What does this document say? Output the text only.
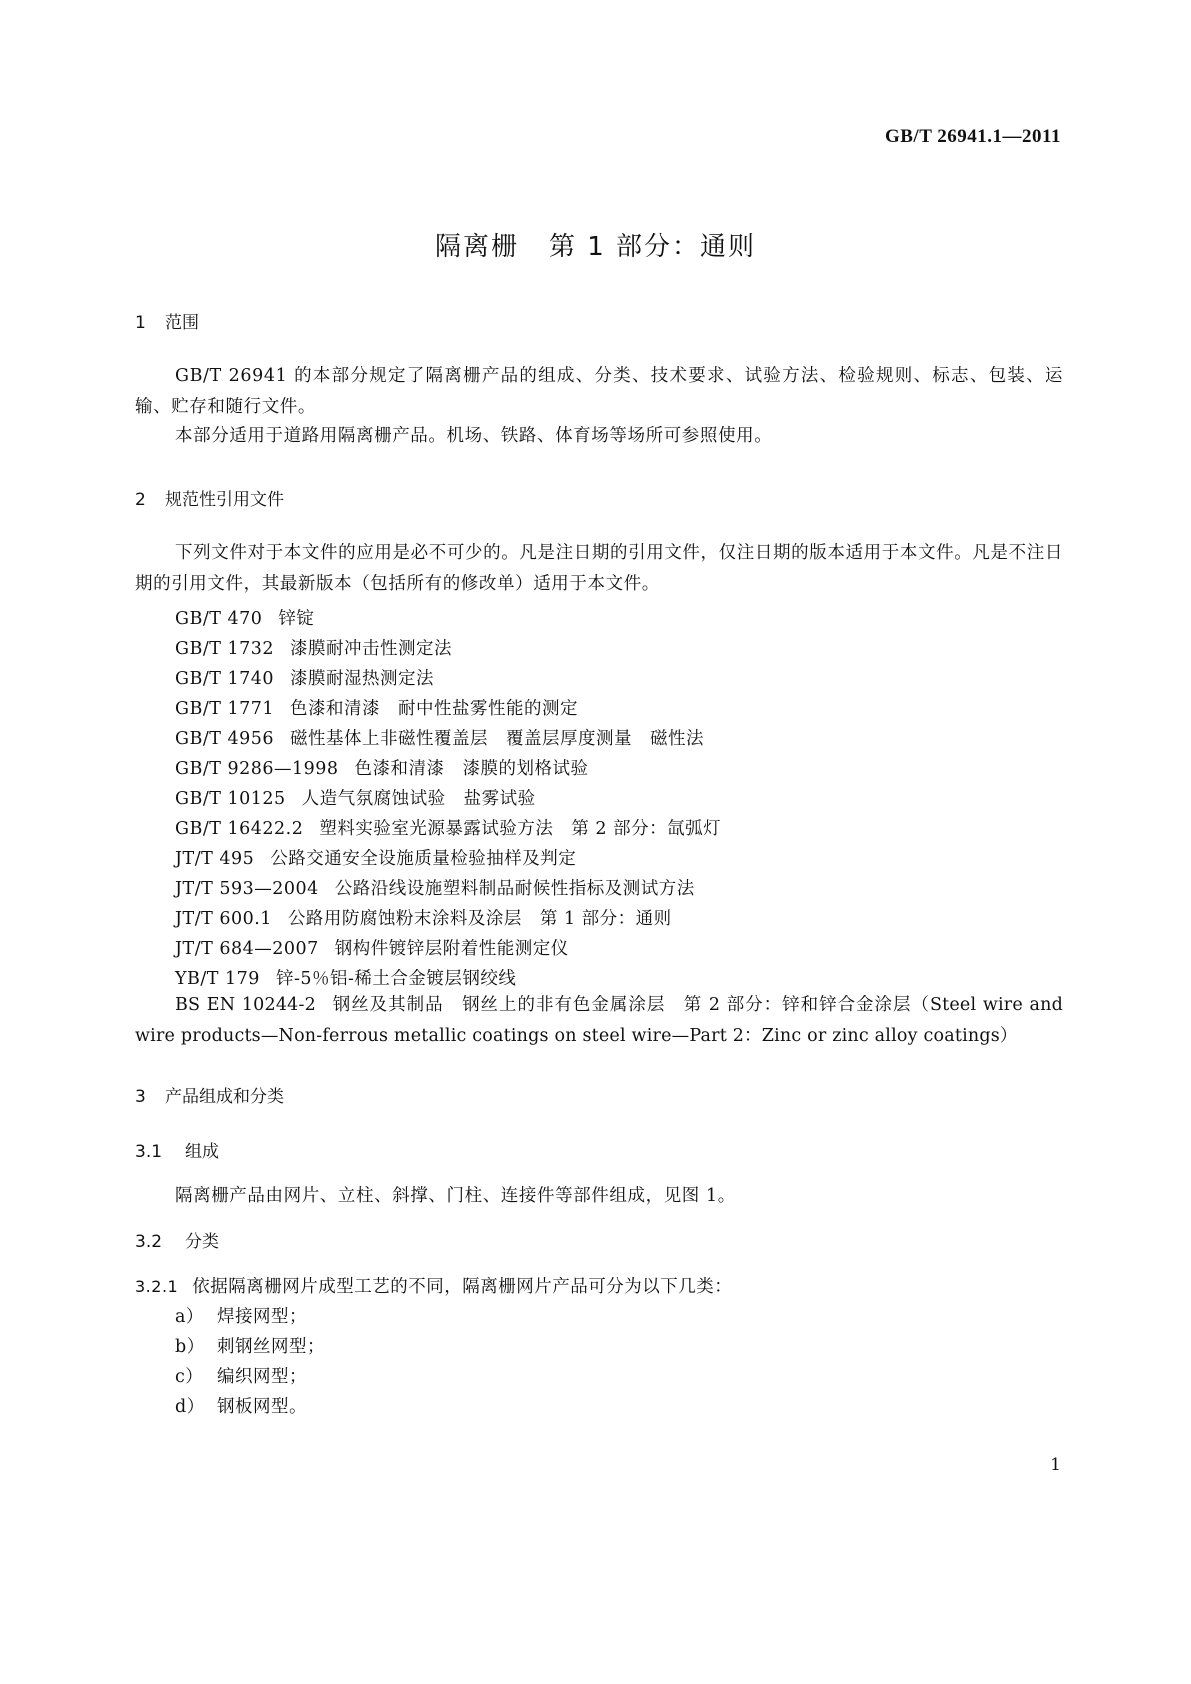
GB/T 26941.1—2011
隔离栅 第 1 部分：通则
1 范围
GB/T 26941 的本部分规定了隔离栅产品的组成、分类、技术要求、试验方法、检验规则、标志、包装、运输、贮存和随行文件。
本部分适用于道路用隔离栅产品。机场、铁路、体育场等场所可参照使用。
2 规范性引用文件
下列文件对于本文件的应用是必不可少的。凡是注日期的引用文件，仅注日期的版本适用于本文件。凡是不注日期的引用文件，其最新版本（包括所有的修改单）适用于本文件。
GB/T 470 锌锭
GB/T 1732 漆膜耐冲击性测定法
GB/T 1740 漆膜耐湿热测定法
GB/T 1771 色漆和清漆　耐中性盐雾性能的测定
GB/T 4956 磁性基体上非磁性覆盖层　覆盖层厚度测量　磁性法
GB/T 9286—1998 色漆和清漆　漆膜的划格试验
GB/T 10125 人造气氛腐蚀试验　盐雾试验
GB/T 16422.2 塑料实验室光源暴露试验方法　第 2 部分：氙弧灯
JT/T 495 公路交通安全设施质量检验抽样及判定
JT/T 593—2004 公路沿线设施塑料制品耐候性指标及测试方法
JT/T 600.1 公路用防腐蚀粉末涂料及涂层　第 1 部分：通则
JT/T 684—2007 钢构件镀锌层附着性能测定仪
YB/T 179 锌-5％铝-稀土合金镀层钢绞线
BS EN 10244-2 钢丝及其制品　钢丝上的非有色金属涂层　第 2 部分：锌和锌合金涂层（Steel wire and wire products—Non-ferrous metallic coatings on steel wire—Part 2：Zinc or zinc alloy coatings）
3 产品组成和分类
3.1 组成
隔离栅产品由网片、立柱、斜撑、门柱、连接件等部件组成，见图 1。
3.2 分类
3.2.1 依据隔离栅网片成型工艺的不同，隔离栅网片产品可分为以下几类：
a） 焊接网型；
b） 刺钢丝网型；
c） 编织网型；
d） 钢板网型。
1
